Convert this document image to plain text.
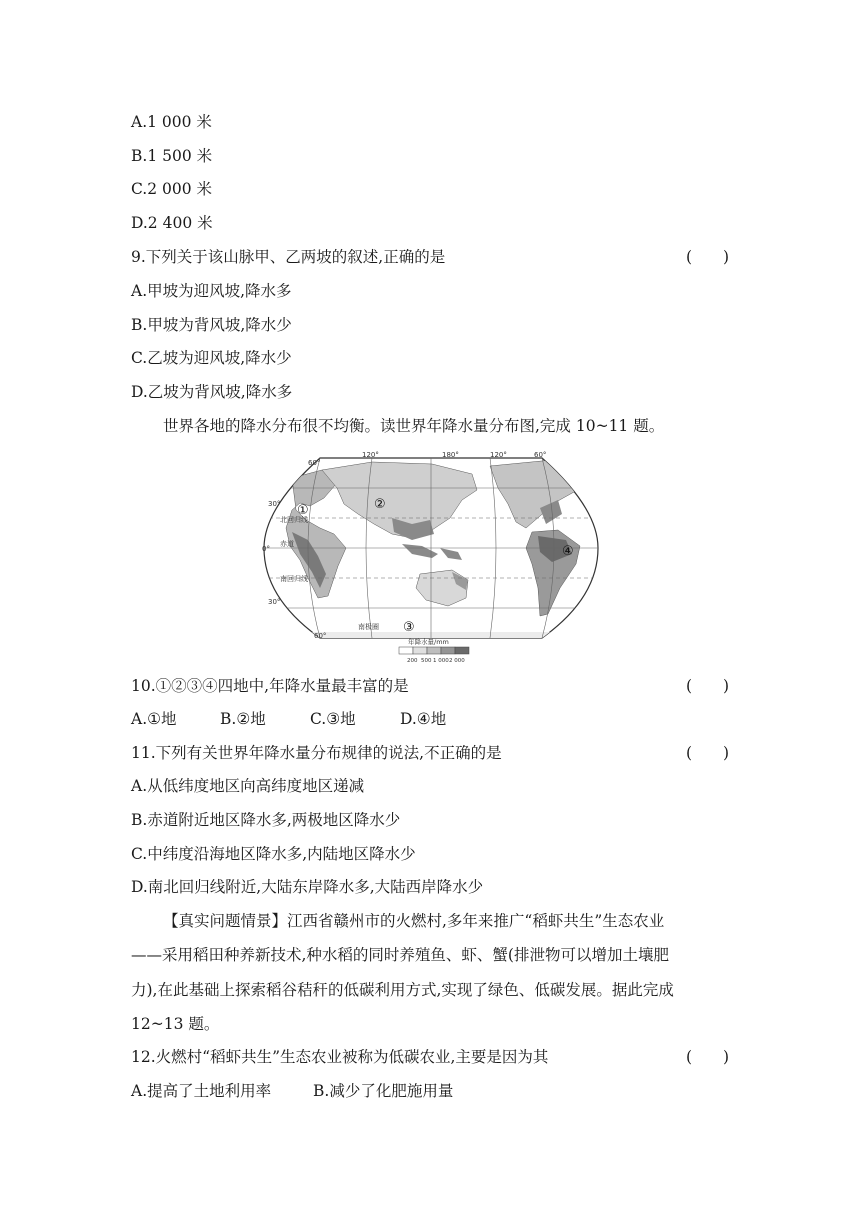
A.1 000 米
B.1 500 米
C.2 000 米
D.2 400 米
9.下列关于该山脉甲、乙两坡的叙述,正确的是	(　　)
A.甲坡为迎风坡,降水多
B.甲坡为背风坡,降水少
C.乙坡为迎风坡,降水少
D.乙坡为背风坡,降水多
世界各地的降水分布很不均衡。读世界年降水量分布图,完成 10~11 题。
60°
120°	180°	120°	60°
30°
0°
30°
60°
北回归线
赤道
南回归线
南极圈
①	②
③
④
年降水量/mm
200 500 1 000 2 000
10.①②③④四地中,年降水量最丰富的是	(　　)
A.①地	B.②地	C.③地	D.④地
11.下列有关世界年降水量分布规律的说法,不正确的是	(　　)
A.从低纬度地区向高纬度地区递减
B.赤道附近地区降水多,两极地区降水少
C.中纬度沿海地区降水多,内陆地区降水少
D.南北回归线附近,大陆东岸降水多,大陆西岸降水少
【真实问题情景】江西省赣州市的火燃村,多年来推广“稻虾共生”生态农业
——采用稻田种养新技术,种水稻的同时养殖鱼、虾、蟹(排泄物可以增加土壤肥
力),在此基础上探索稻谷秸秆的低碳利用方式,实现了绿色、低碳发展。据此完成
12~13 题。
12.火燃村“稻虾共生”生态农业被称为低碳农业,主要是因为其	(　　)
A.提高了土地利用率	B.减少了化肥施用量
